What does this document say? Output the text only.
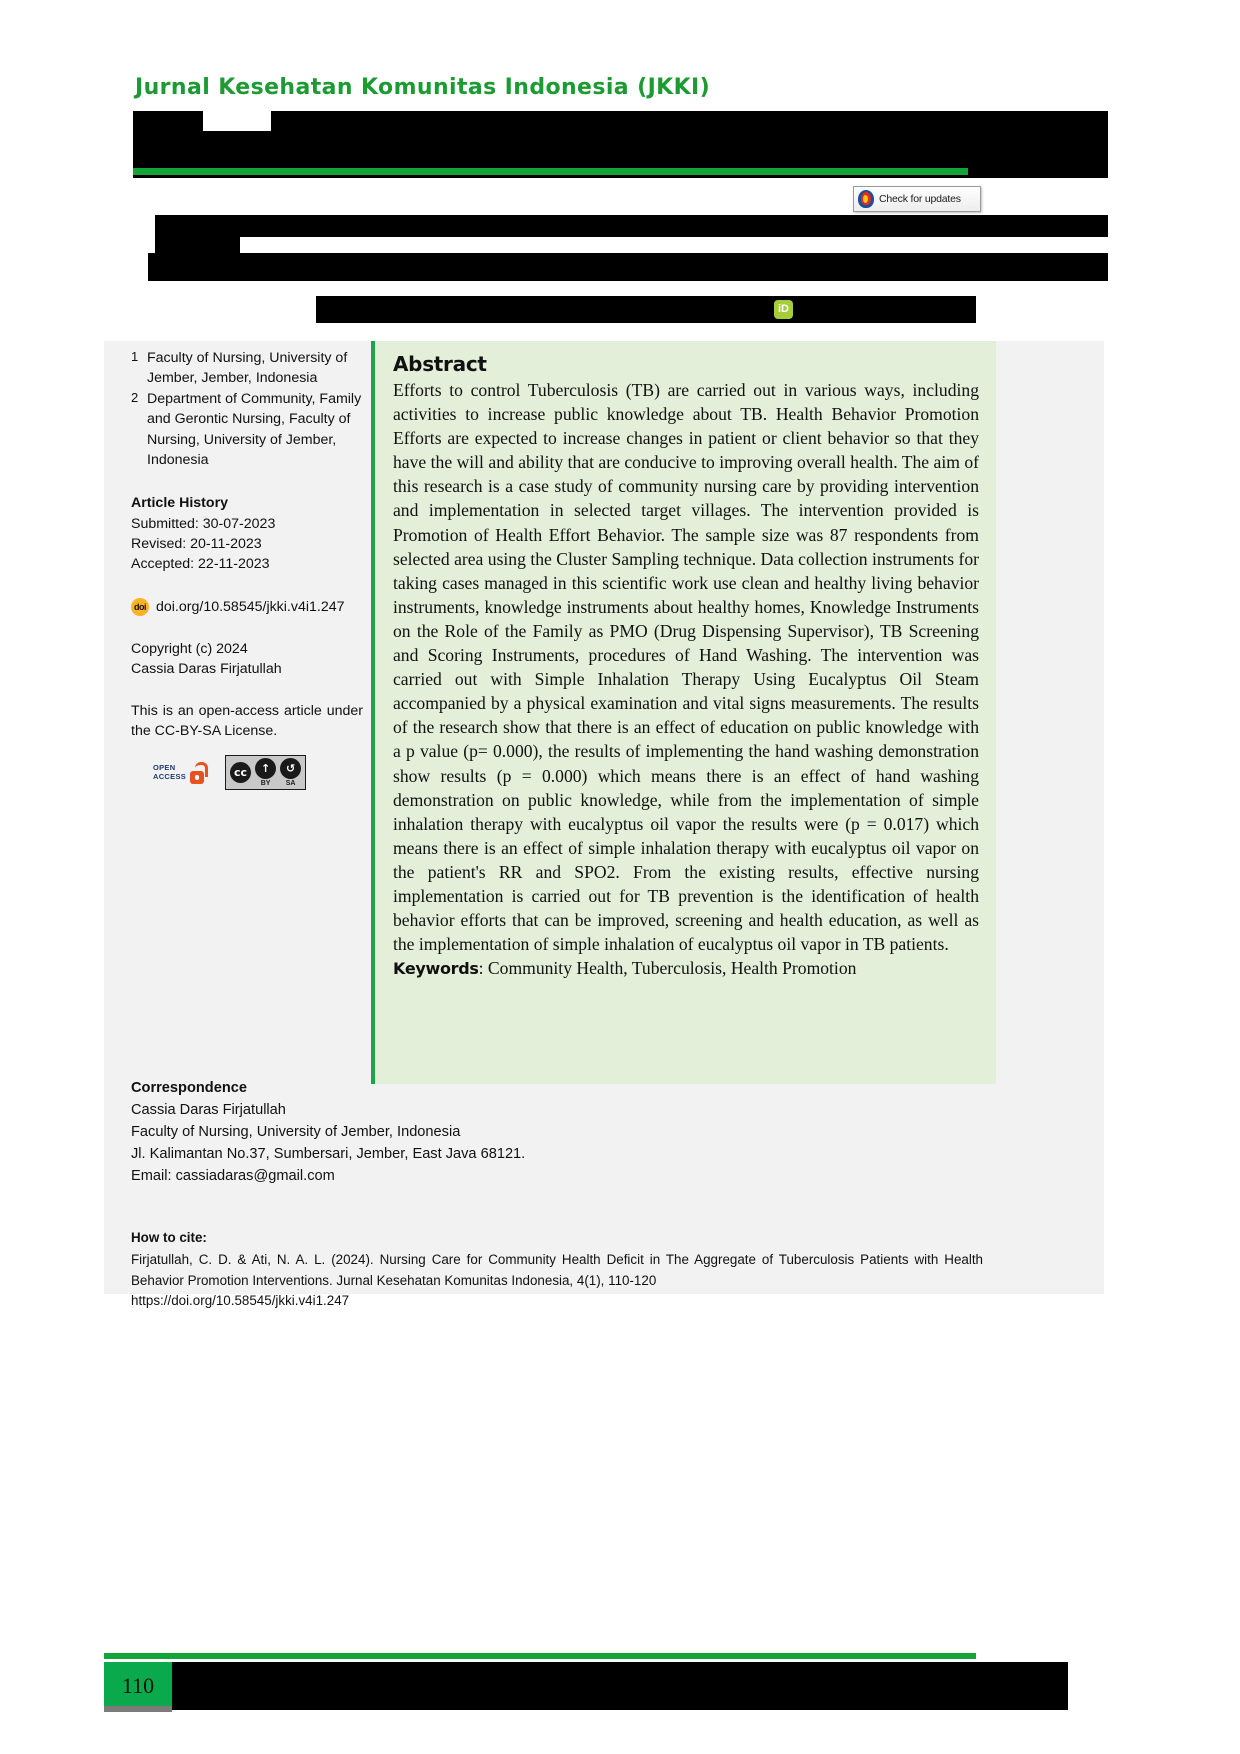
Jurnal Kesehatan Komunitas Indonesia (JKKI)
Check for updates
iD
1 Faculty of Nursing, University of Jember, Jember, Indonesia
2 Department of Community, Family and Gerontic Nursing, Faculty of Nursing, University of Jember, Indonesia
Article History
Submitted: 30-07-2023
Revised: 20-11-2023
Accepted: 22-11-2023
doi doi.org/10.58545/jkki.v4i1.247
Copyright (c) 2024
Cassia Daras Firjatullah
This is an open-access article under the CC-BY-SA License.
OPEN
ACCESS	cc	↑
BY
↺
SA
Abstract

Efforts to control Tuberculosis (TB) are carried out in various ways, including activities to increase public knowledge about TB. Health Behavior Promotion Efforts are expected to increase changes in patient or client behavior so that they have the will and ability that are conducive to improving overall health. The aim of this research is a case study of community nursing care by providing intervention and implementation in selected target villages. The intervention provided is Promotion of Health Effort Behavior. The sample size was 87 respondents from selected area using the Cluster Sampling technique. Data collection instruments for taking cases managed in this scientific work use clean and healthy living behavior instruments, knowledge instruments about healthy homes, Knowledge Instruments on the Role of the Family as PMO (Drug Dispensing Supervisor), TB Screening and Scoring Instruments, procedures of Hand Washing. The intervention was carried out with Simple Inhalation Therapy Using Eucalyptus Oil Steam accompanied by a physical examination and vital signs measurements. The results of the research show that there is an effect of education on public knowledge with a p value (p= 0.000), the results of implementing the hand washing demonstration show results (p = 0.000) which means there is an effect of hand washing demonstration on public knowledge, while from the implementation of simple inhalation therapy with eucalyptus oil vapor the results were (p = 0.017) which means there is an effect of simple inhalation therapy with eucalyptus oil vapor on the patient's RR and SPO2. From the existing results, effective nursing implementation is carried out for TB prevention is the identification of health behavior efforts that can be improved, screening and health education, as well as the implementation of simple inhalation of eucalyptus oil vapor in TB patients.

Keywords: Community Health, Tuberculosis, Health Promotion

Correspondence
Cassia Daras Firjatullah
Faculty of Nursing, University of Jember, Indonesia
Jl. Kalimantan No.37, Sumbersari, Jember, East Java 68121.
Email: cassiadaras@gmail.com
How to cite:

Firjatullah, C. D. & Ati, N. A. L. (2024). Nursing Care for Community Health Deficit in The Aggregate of Tuberculosis Patients with Health Behavior Promotion Interventions. Jurnal Kesehatan Komunitas Indonesia, 4(1), 110-120

https://doi.org/10.58545/jkki.v4i1.247
110
